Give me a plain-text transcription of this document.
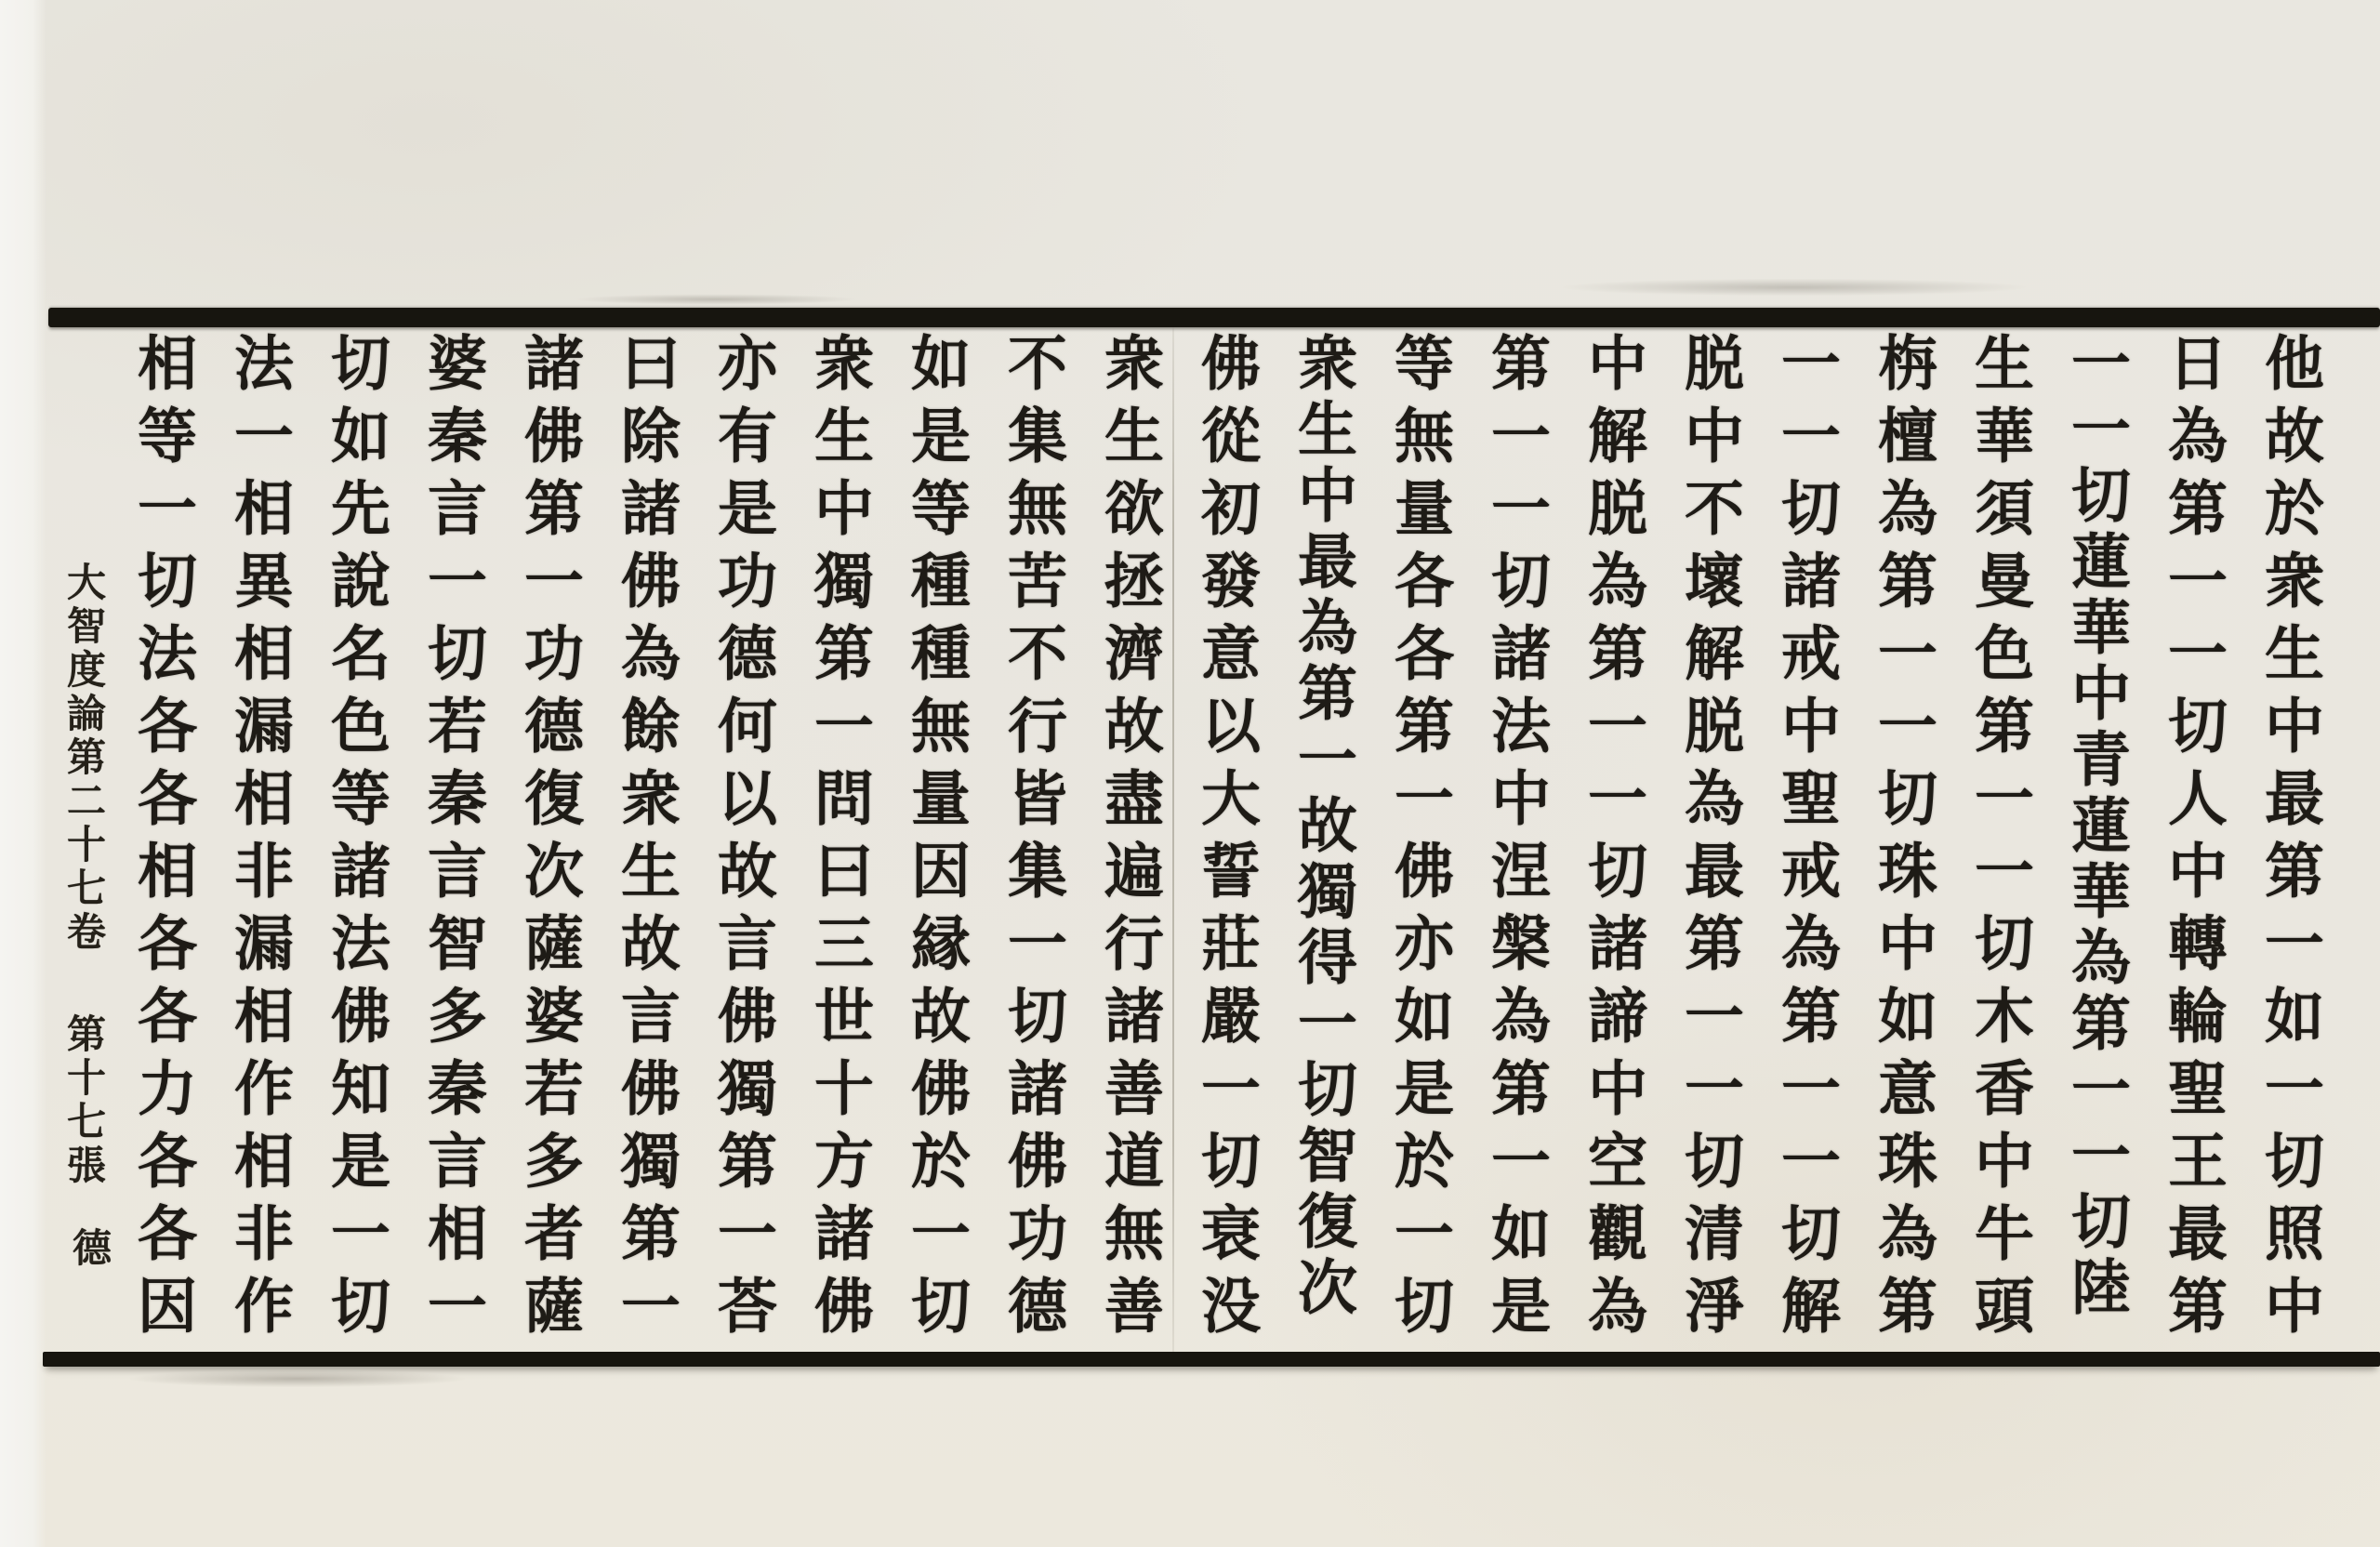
他故於衆生中最第一如一切照中
日為第一一切人中轉輪聖王最第
一一切蓮華中青蓮華為第一一切陸
生華須曼色第一一切木香中牛頭
栴檀為第一一切珠中如意珠為第
一一切諸戒中聖戒為第一一切解
脱中不壞解脱為最第一一切清淨
中解脱為第一一切諸諦中空觀為
第一一切諸法中涅槃為第一如是
等無量各各第一佛亦如是於一切
衆生中最為第一故獨得一切智復次
佛從初發意以大誓莊嚴一切衰没
衆生欲拯濟故盡遍行諸善道無善
不集無苦不行皆集一切諸佛功德
如是等種種無量因縁故佛於一切
衆生中獨第一問曰三世十方諸佛
亦有是功德何以故言佛獨第一荅
曰除諸佛為餘衆生故言佛獨第一
諸佛第一功德復次薩婆若多者薩
婆秦言一切若秦言智多秦言相一
切如先說名色等諸法佛知是一切
法一相異相漏相非漏相作相非作
相等一切法各各相各各力各各因
大智度論第二十七卷
第十七張
德
